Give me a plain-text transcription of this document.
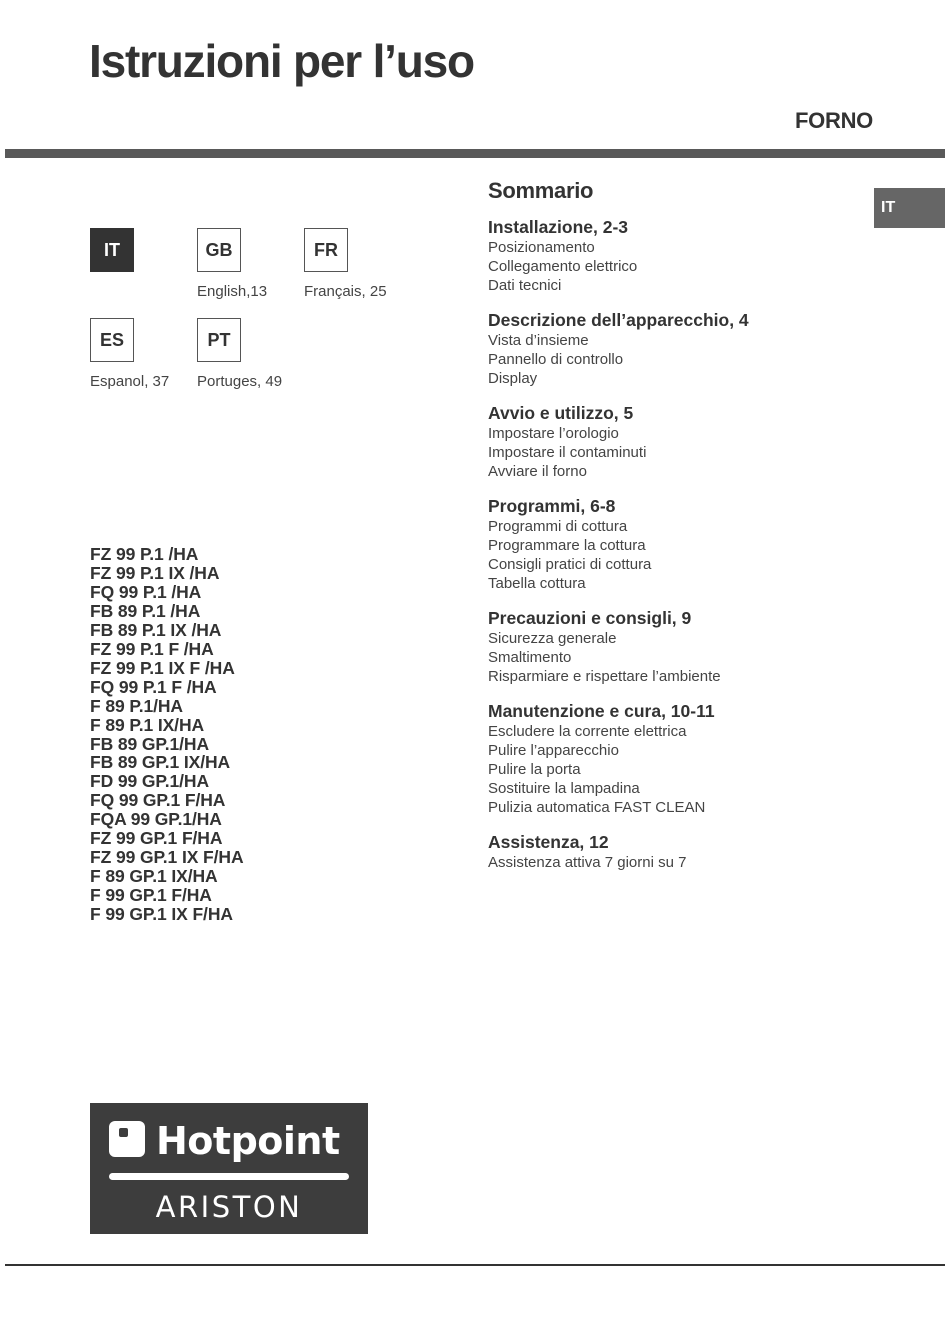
Istruzioni per l’uso
FORNO
IT
IT	GB
English,13
FR
Français, 25
ES
Espanol, 37
PT
Portuges, 49
FZ 99 P.1 /HA
FZ 99 P.1 IX /HA
FQ 99 P.1 /HA
FB 89 P.1 /HA
FB 89 P.1 IX /HA
FZ 99 P.1 F /HA
FZ 99 P.1 IX F /HA
FQ 99 P.1 F /HA
F 89 P.1/HA
F 89 P.1 IX/HA
FB 89 GP.1/HA
FB 89 GP.1 IX/HA
FD 99 GP.1/HA
FQ 99 GP.1 F/HA
FQA 99 GP.1/HA
FZ 99 GP.1 F/HA
FZ 99 GP.1 IX F/HA
F 89 GP.1 IX/HA
F 99 GP.1 F/HA
F 99 GP.1 IX F/HA
Sommario
Installazione, 2-3
Posizionamento
Collegamento elettrico
Dati tecnici
Descrizione dell’apparecchio, 4
Vista d’insieme
Pannello di controllo
Display
Avvio e utilizzo, 5
Impostare l’orologio
Impostare il contaminuti
Avviare il forno
Programmi, 6-8
Programmi di cottura
Programmare la cottura
Consigli pratici di cottura
Tabella cottura
Precauzioni e consigli, 9
Sicurezza generale
Smaltimento
Risparmiare e rispettare l’ambiente
Manutenzione e cura, 10-11
Escludere la corrente elettrica
Pulire l’apparecchio
Pulire la porta
Sostituire la lampadina
Pulizia automatica FAST CLEAN
Assistenza, 12
Assistenza attiva 7 giorni su 7
Hotpoint
ARISTON
